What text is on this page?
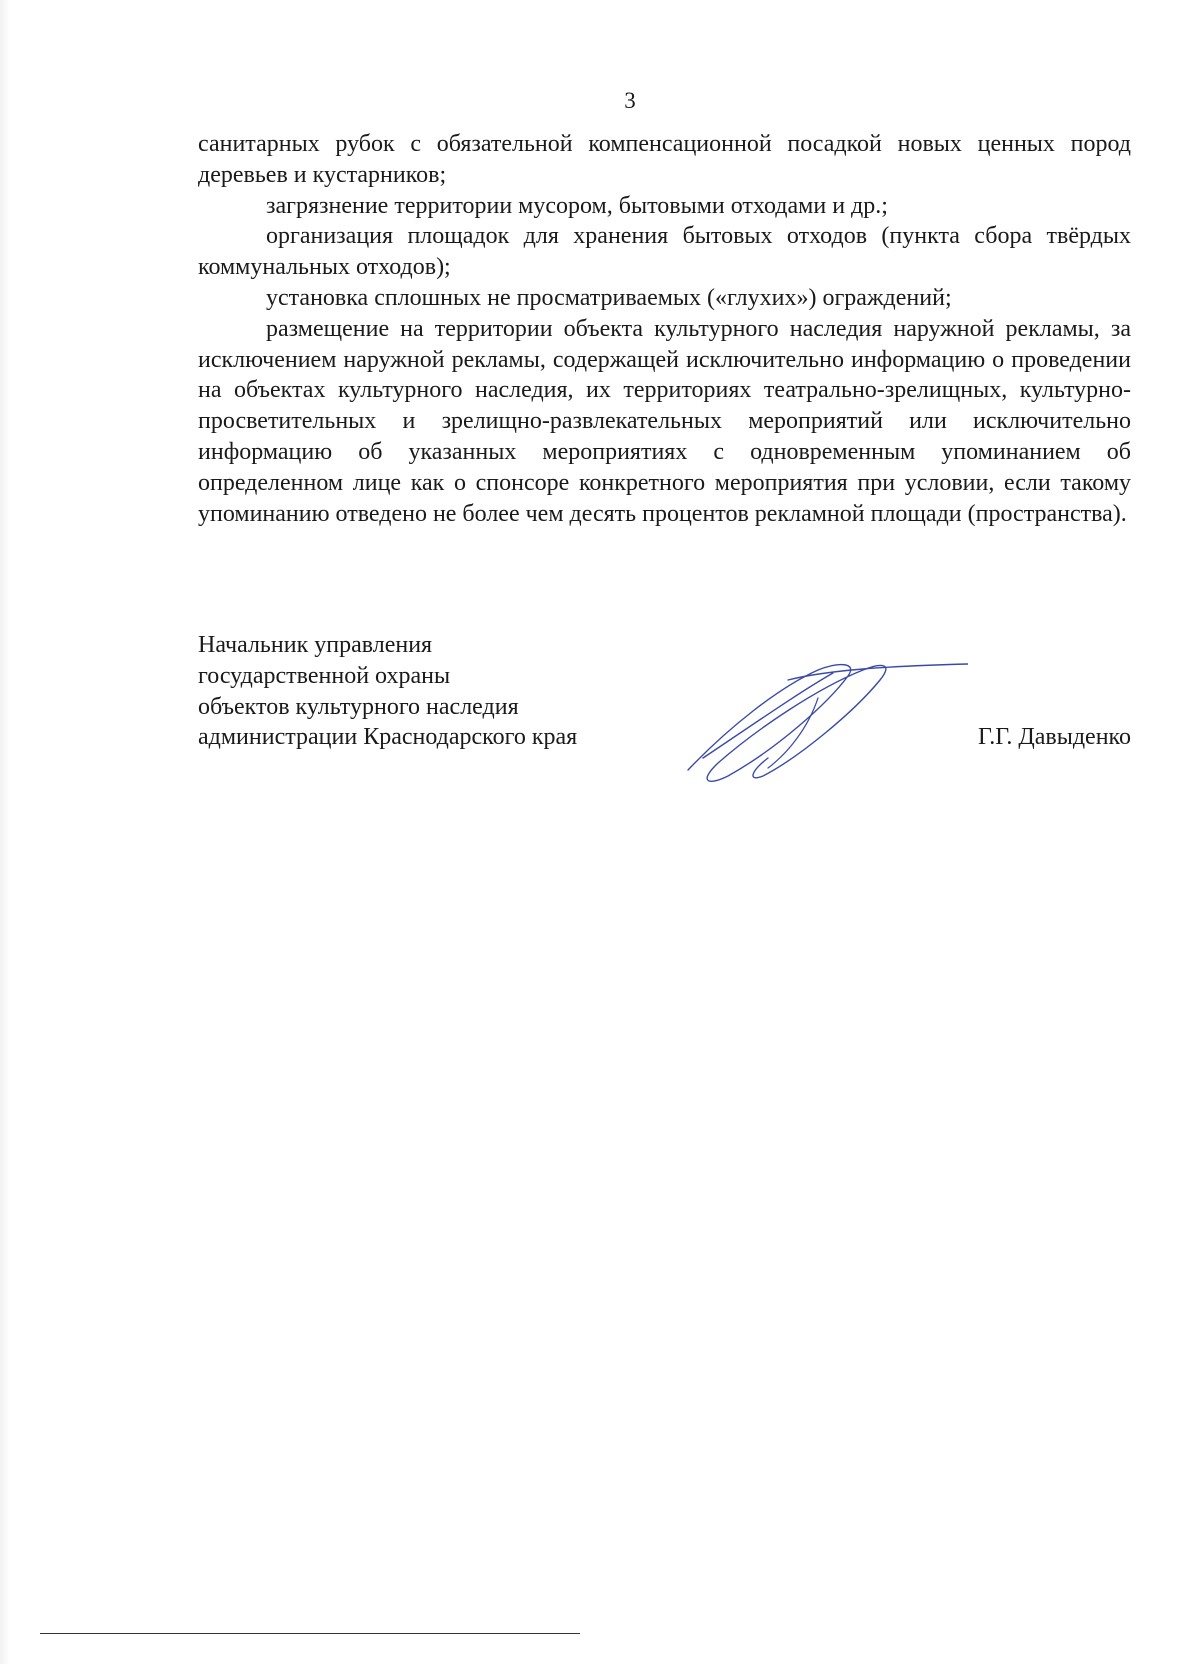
3

санитарных рубок с обязательной компенсационной посадкой новых ценных пород деревьев и кустарников;

загрязнение территории мусором, бытовыми отходами и др.;

организация площадок для хранения бытовых отходов (пункта сбора твёрдых коммунальных отходов);

установка сплошных не просматриваемых («глухих») ограждений;

размещение на территории объекта культурного наследия наружной рекламы, за исключением наружной рекламы, содержащей исключительно информацию о проведении на объектах культурного наследия, их территориях театрально-зрелищных, культурно-просветительных и зрелищно-развлекательных мероприятий или исключительно информацию об указанных мероприятиях с одновременным упоминанием об определенном лице как о спонсоре конкретного мероприятия при условии, если такому упоминанию отведено не более чем десять процентов рекламной площади (пространства).

Начальник управления
государственной охраны
объектов культурного наследия
администрации Краснодарского края	Г.Г. Давыденко
